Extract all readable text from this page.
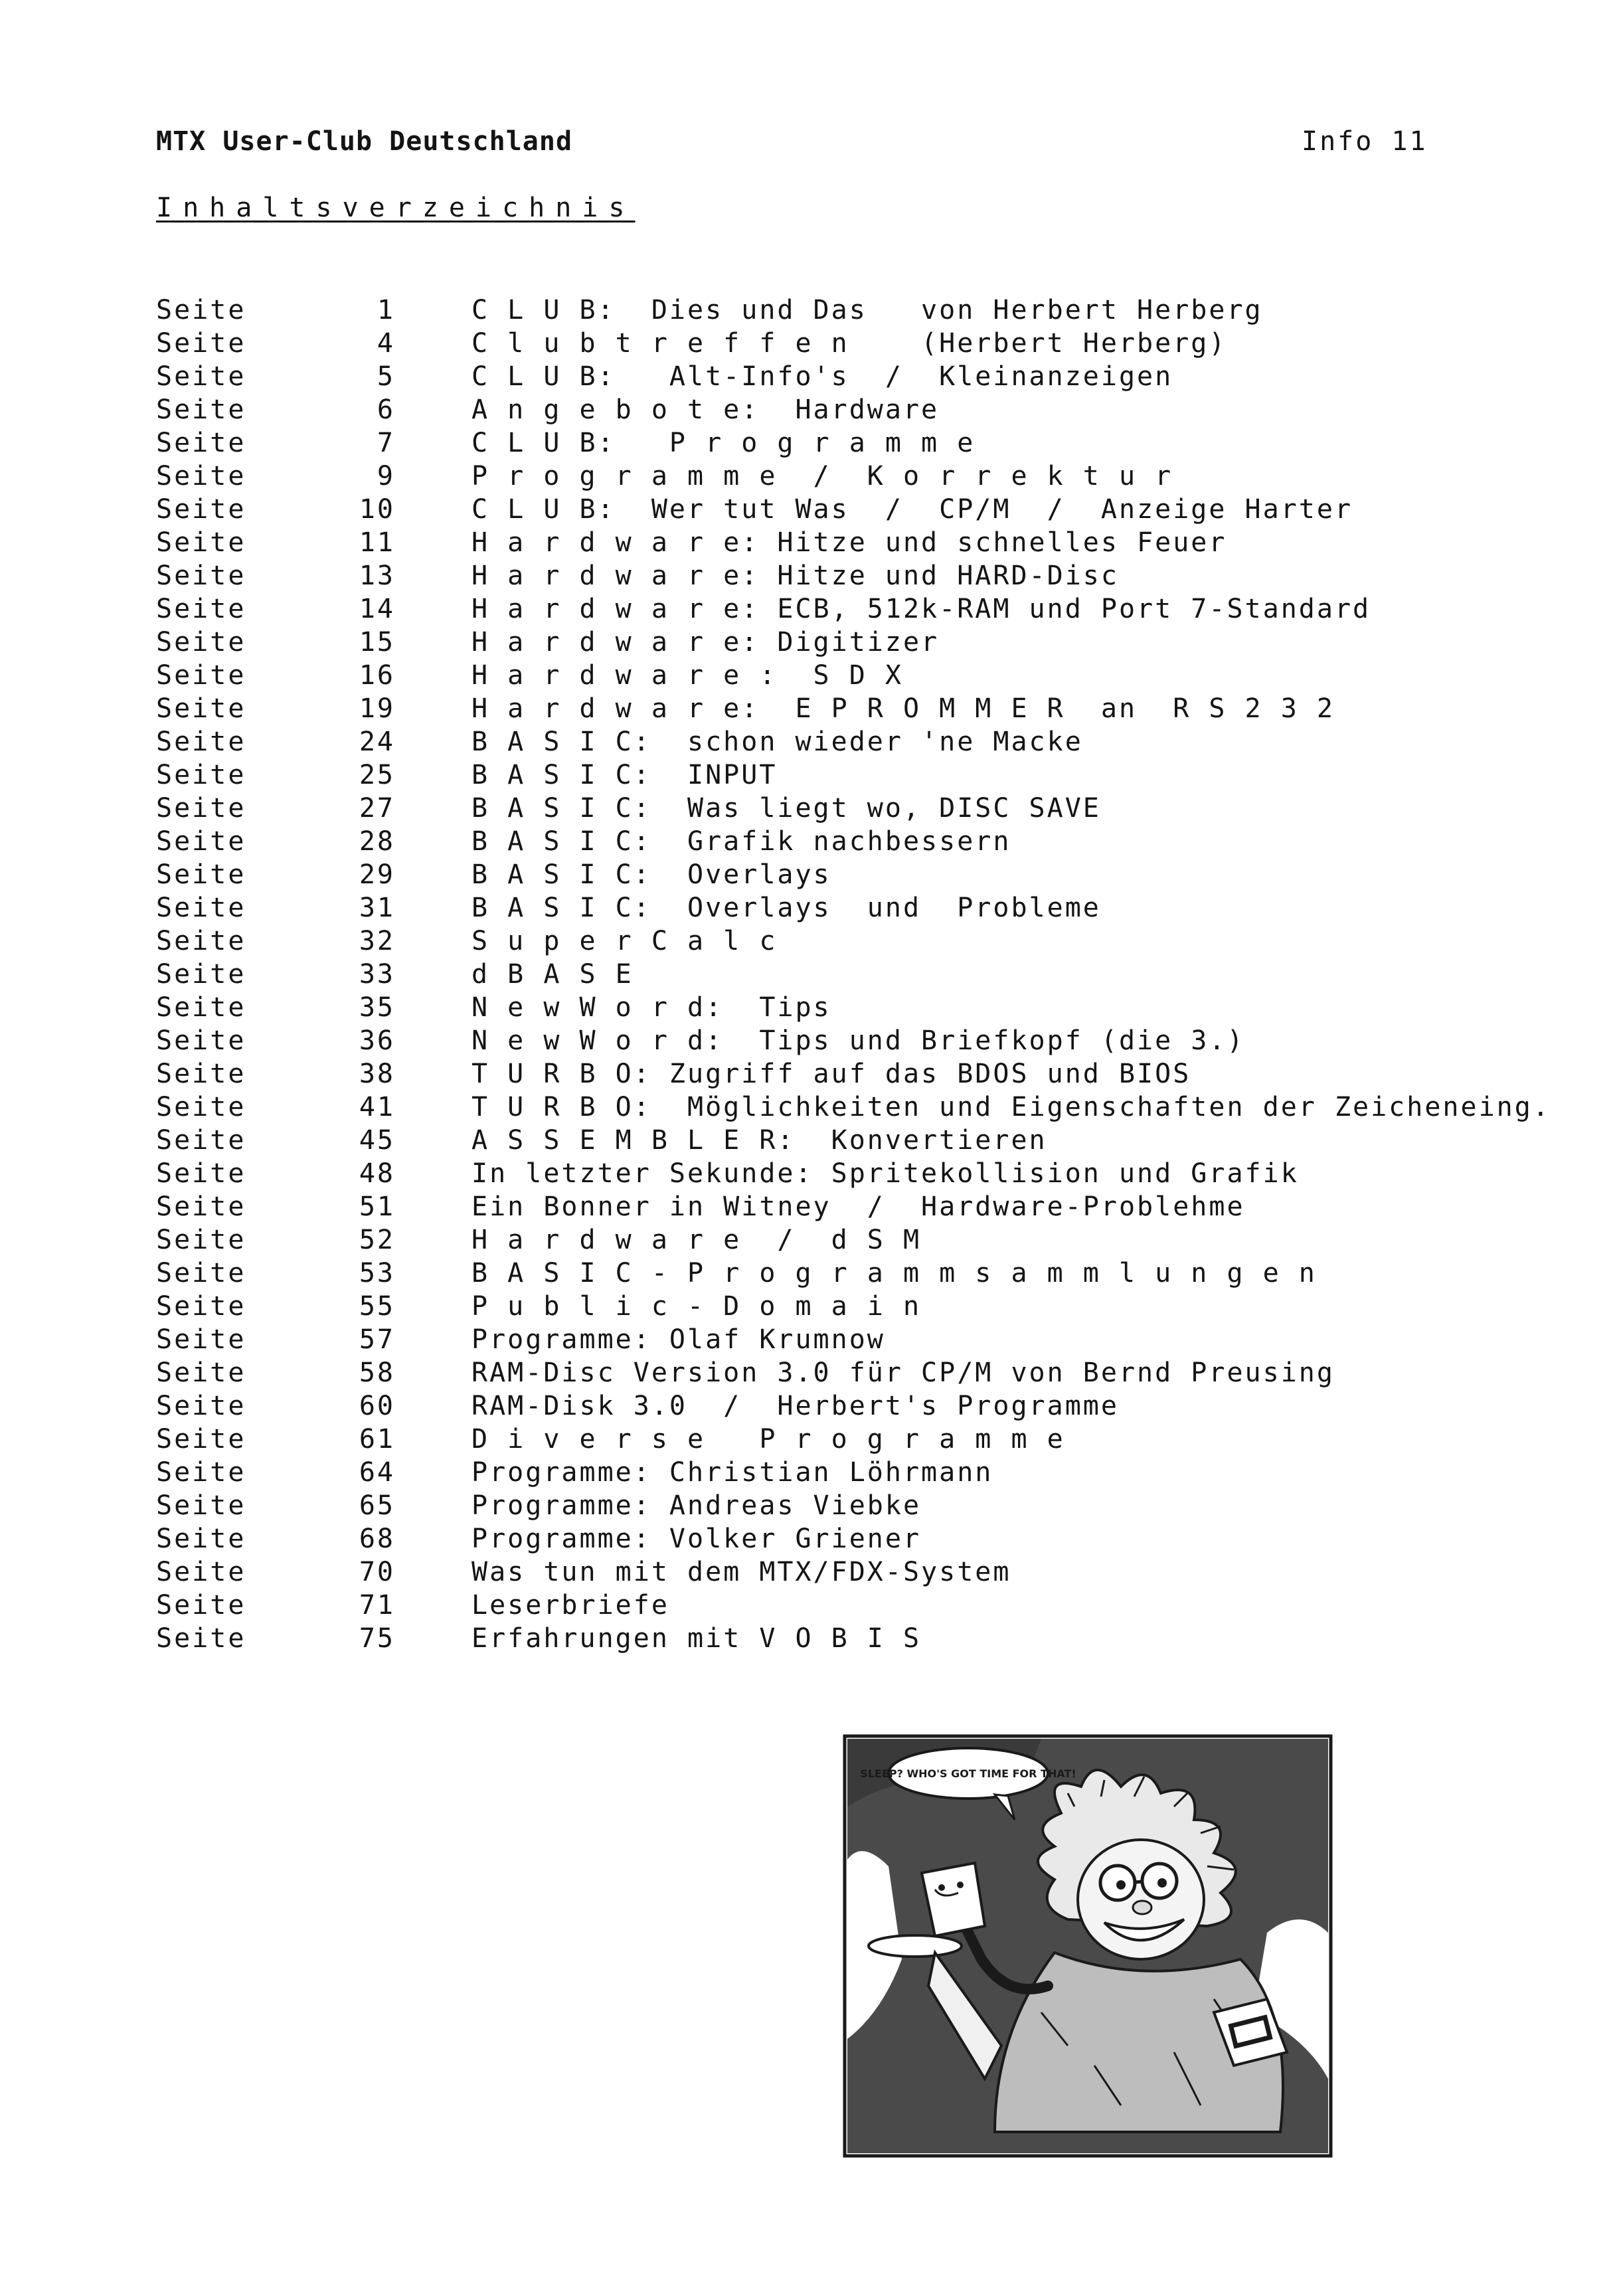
MTX User-Club Deutschland	Info 11
Inhaltsverzeichnis
Seite	1	C L U B:  Dies und Das   von Herbert Herberg
Seite	4	C l u b t r e f f e n    (Herbert Herberg)
Seite	5	C L U B:   Alt-Info's  /  Kleinanzeigen
Seite	6	A n g e b o t e:  Hardware
Seite	7	C L U B:   P r o g r a m m e
Seite	9	P r o g r a m m e  /  K o r r e k t u r
Seite	10	C L U B:  Wer tut Was  /  CP/M  /  Anzeige Harter
Seite	11	H a r d w a r e: Hitze und schnelles Feuer
Seite	13	H a r d w a r e: Hitze und HARD-Disc
Seite	14	H a r d w a r e: ECB, 512k-RAM und Port 7-Standard
Seite	15	H a r d w a r e: Digitizer
Seite	16	H a r d w a r e :  S D X
Seite	19	H a r d w a r e:  E P R O M M E R  an  R S 2 3 2
Seite	24	B A S I C:  schon wieder 'ne Macke
Seite	25	B A S I C:  INPUT
Seite	27	B A S I C:  Was liegt wo, DISC SAVE
Seite	28	B A S I C:  Grafik nachbessern
Seite	29	B A S I C:  Overlays
Seite	31	B A S I C:  Overlays  und  Probleme
Seite	32	S u p e r C a l c
Seite	33	d B A S E
Seite	35	N e w W o r d:  Tips
Seite	36	N e w W o r d:  Tips und Briefkopf (die 3.)
Seite	38	T U R B O: Zugriff auf das BDOS und BIOS
Seite	41	T U R B O:  Möglichkeiten und Eigenschaften der Zeicheneing.
Seite	45	A S S E M B L E R:  Konvertieren
Seite	48	In letzter Sekunde: Spritekollision und Grafik
Seite	51	Ein Bonner in Witney  /  Hardware-Problehme
Seite	52	H a r d w a r e  /  d S M
Seite	53	B A S I C - P r o g r a m m s a m m l u n g e n
Seite	55	P u b l i c - D o m a i n
Seite	57	Programme: Olaf Krumnow
Seite	58	RAM-Disc Version 3.0 für CP/M von Bernd Preusing
Seite	60	RAM-Disk 3.0  /  Herbert's Programme
Seite	61	D i v e r s e   P r o g r a m m e
Seite	64	Programme: Christian Löhrmann
Seite	65	Programme: Andreas Viebke
Seite	68	Programme: Volker Griener
Seite	70	Was tun mit dem MTX/FDX-System
Seite	71	Leserbriefe
Seite	75	Erfahrungen mit V O B I S
SLEEP? WHO'S GOT TIME FOR THAT!
